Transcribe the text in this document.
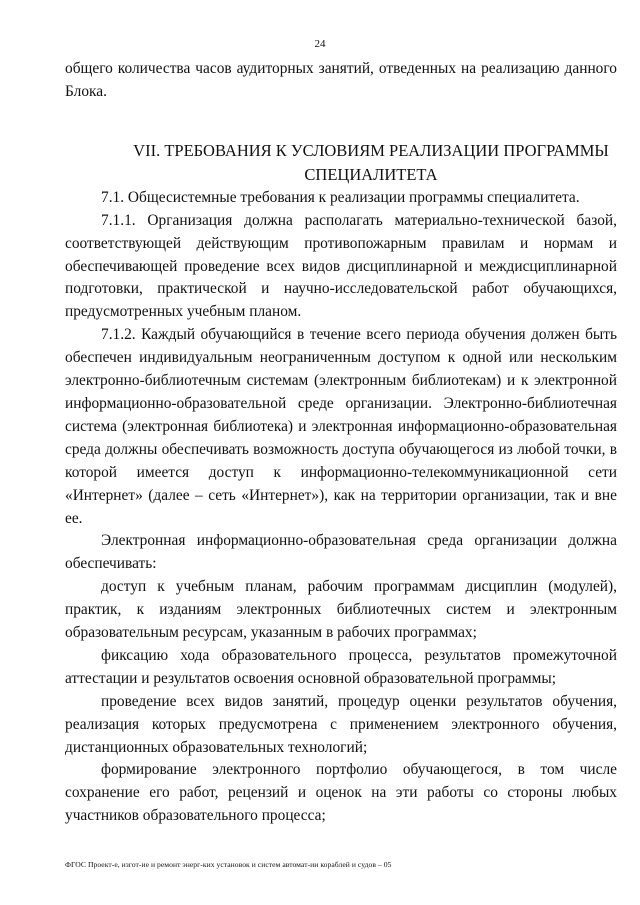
24

общего количества часов аудиторных занятий, отведенных на реализацию данного Блока.

VII. ТРЕБОВАНИЯ К УСЛОВИЯМ РЕАЛИЗАЦИИ ПРОГРАММЫ СПЕЦИАЛИТЕТА

7.1. Общесистемные требования к реализации программы специалитета.

7.1.1. Организация должна располагать материально-технической базой, соответствующей действующим противопожарным правилам и нормам и обеспечивающей проведение всех видов дисциплинарной и междисциплинарной подготовки, практической и научно-исследовательской работ обучающихся, предусмотренных учебным планом.

7.1.2. Каждый обучающийся в течение всего периода обучения должен быть обеспечен индивидуальным неограниченным доступом к одной или нескольким электронно-библиотечным системам (электронным библиотекам) и к электронной информационно-образовательной среде организации. Электронно-библиотечная система (электронная библиотека) и электронная информационно-образовательная среда должны обеспечивать возможность доступа обучающегося из любой точки, в которой имеется доступ к информационно-телекоммуникационной сети «Интернет» (далее – сеть «Интернет»), как на территории организации, так и вне ее.

Электронная информационно-образовательная среда организации должна обеспечивать:

доступ к учебным планам, рабочим программам дисциплин (модулей), практик, к изданиям электронных библиотечных систем и электронным образовательным ресурсам, указанным в рабочих программах;

фиксацию хода образовательного процесса, результатов промежуточной аттестации и результатов освоения основной образовательной программы;

проведение всех видов занятий, процедур оценки результатов обучения, реализация которых предусмотрена с применением электронного обучения, дистанционных образовательных технологий;

формирование электронного портфолио обучающегося, в том числе сохранение его работ, рецензий и оценок на эти работы со стороны любых участников образовательного процесса;

ФГОС Проект-е, изгот-ие и ремонт энерг-ких установок и систем автомат-ии кораблей и судов – 05
